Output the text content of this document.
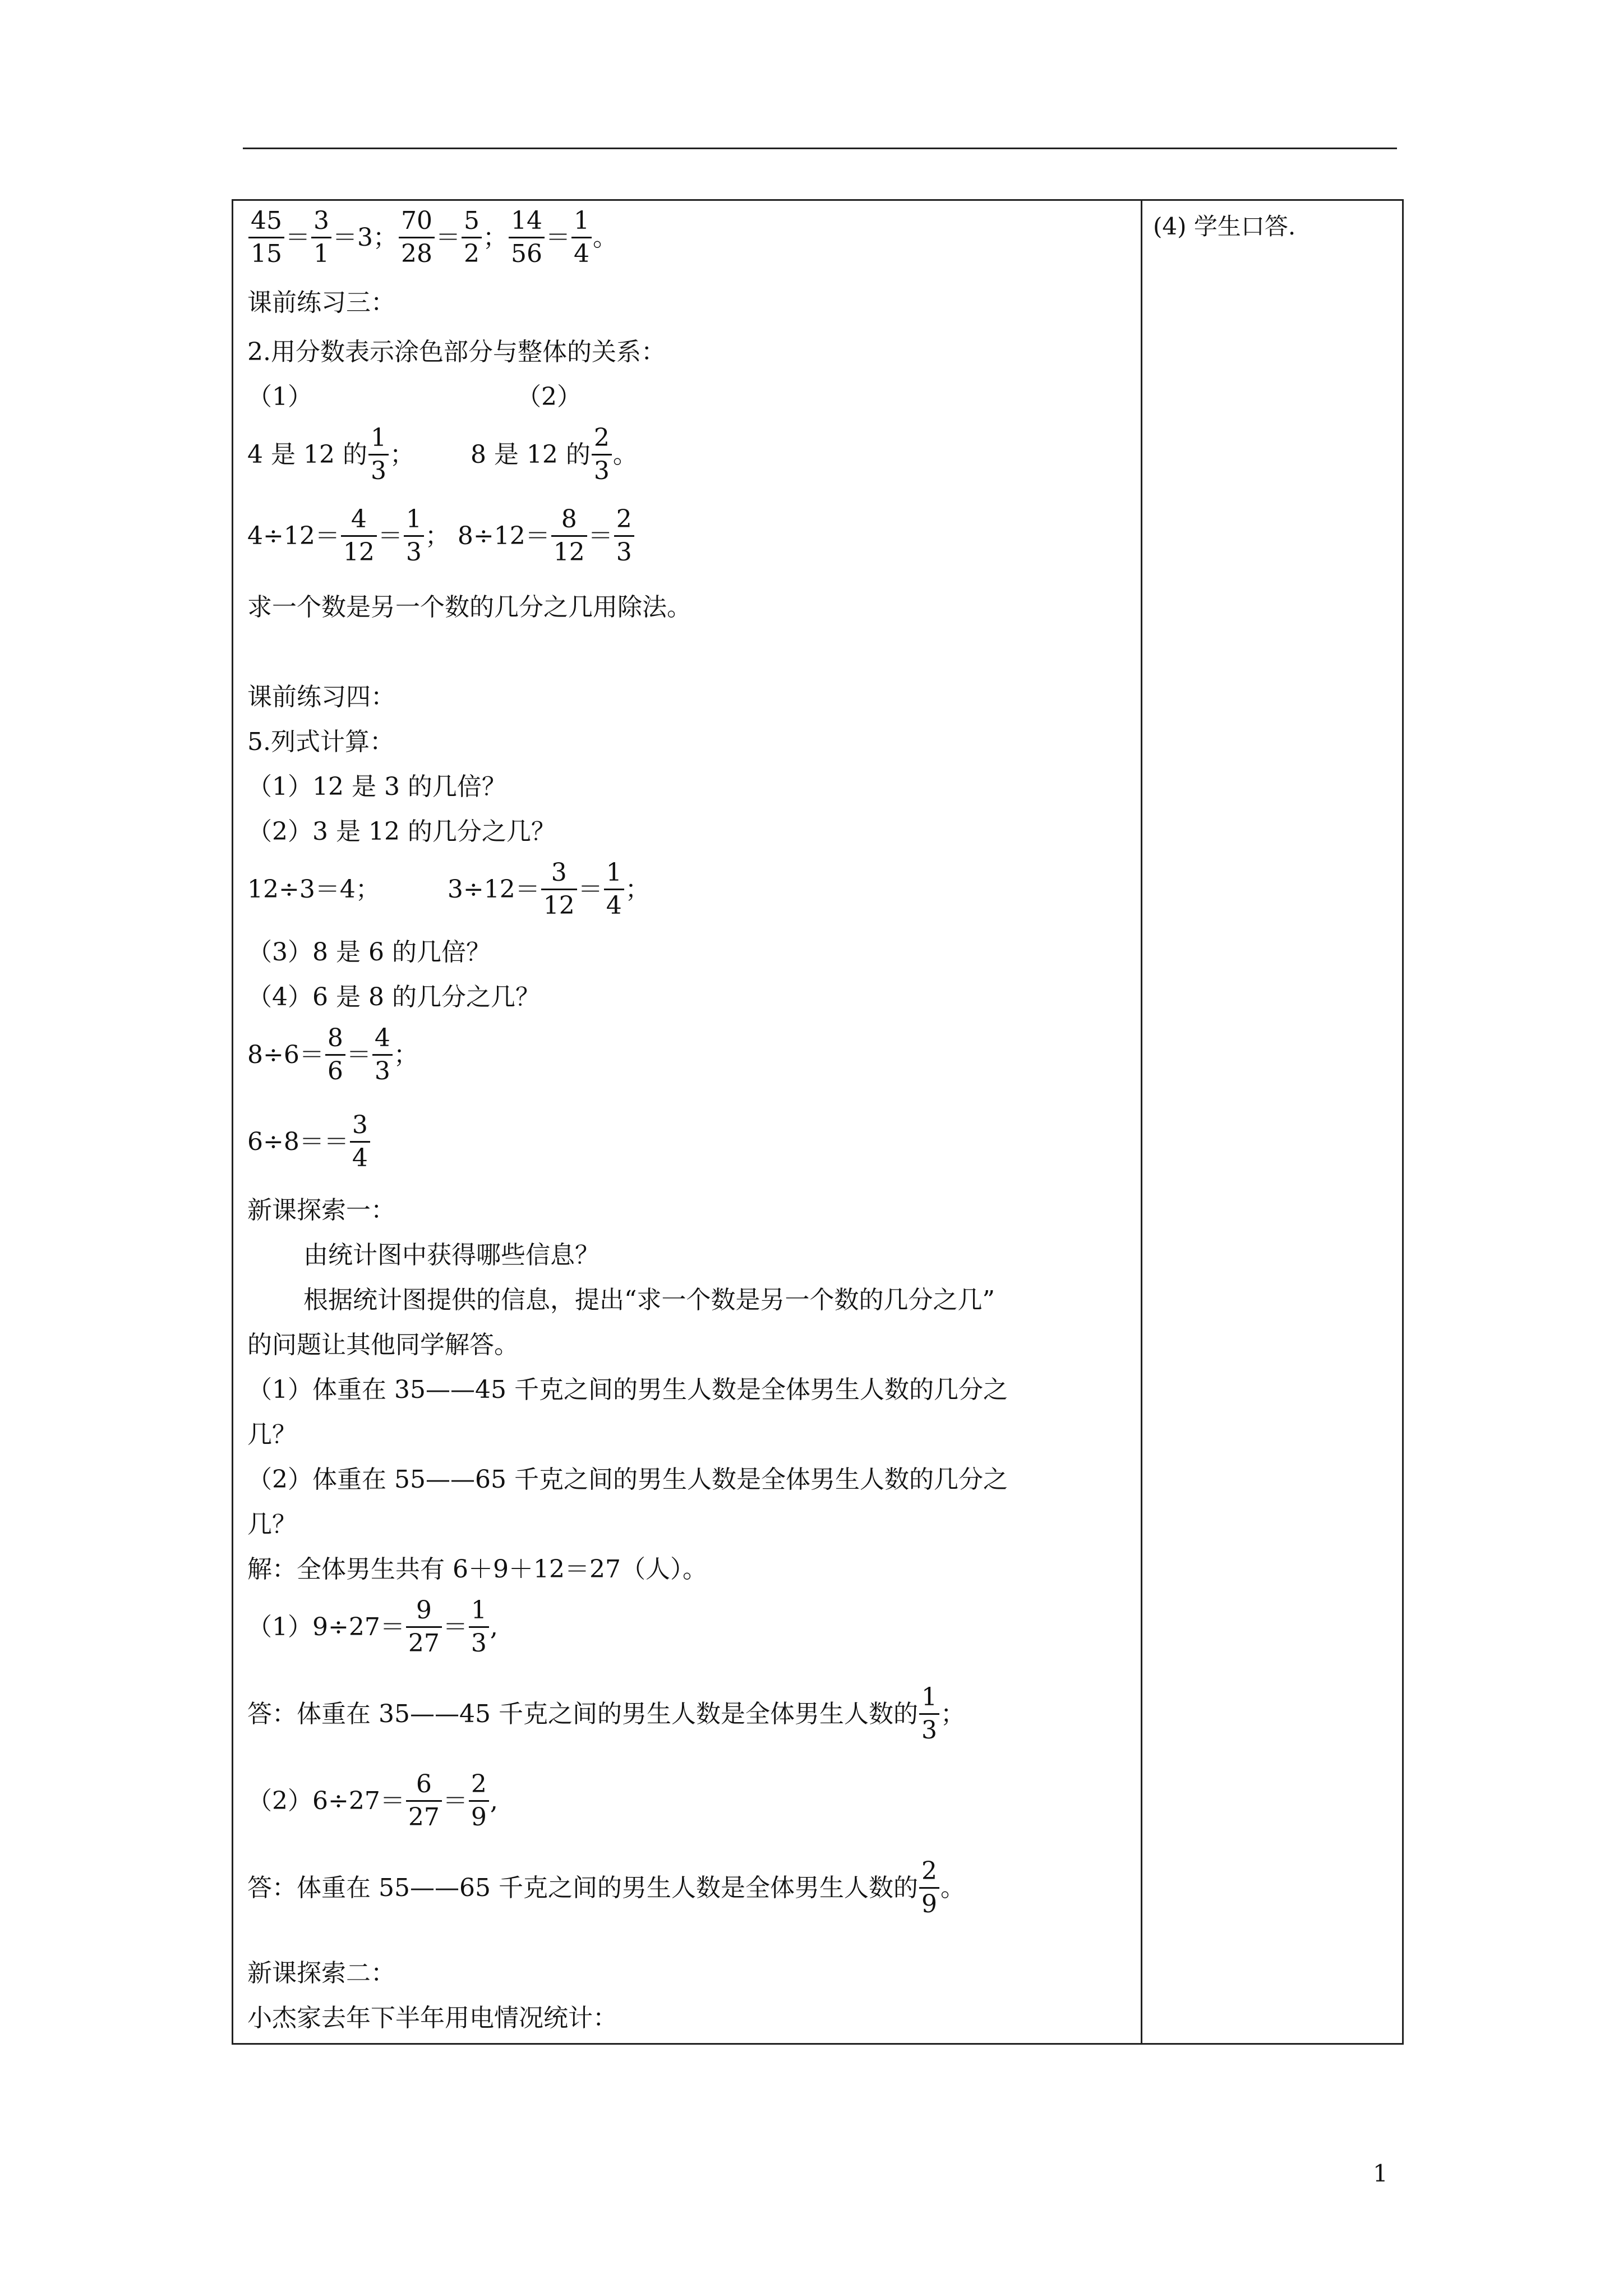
$\frac{45}{15} = \frac{3}{1} =3$； $\frac{70}{28} = \frac{5}{2}$ ； $\frac{14}{56} = \frac{1}{4}$ 。
课前练习三：
2.用分数表示涂色部分与整体的关系：
（1）	（2）
4 是 12 的 $\frac{1}{3}$ ； 8 是 12 的 $\frac{2}{3}$ 。
$4\div 12= \frac{4}{12} = \frac{1}{3}$ ； $8\div 12= \frac{8}{12} = \frac{2}{3}$
求一个数是另一个数的几分之几用除法。
课前练习四：
5.列式计算：
（1）12 是 3 的几倍？
（2）3 是 12 的几分之几？
12÷3＝4；	$3\div 12= \frac{3}{12} = \frac{1}{4}$ ；
（3）8 是 6 的几倍？
（4）6 是 8 的几分之几？
$8\div 6= \frac{8}{6} = \frac{4}{3}$ ；
$6\div 8== \frac{3}{4}$
新课探索一：
由统计图中获得哪些信息？
根据统计图提供的信息，提出“求一个数是另一个数的几分之几”
的问题让其他同学解答。
（1）体重在 35——45 千克之间的男生人数是全体男生人数的几分之
几？
（2）体重在 55——65 千克之间的男生人数是全体男生人数的几分之
几？
解：全体男生共有 6＋9＋12＝27（人）。
$(1)9\div 27= \frac{9}{27} = \frac{1}{3}$ ,
答：体重在 35——45 千克之间的男生人数是全体男生人数的 $\frac{1}{3}$ ；
$(2)6\div 27= \frac{6}{27} = \frac{2}{9}$ ,
答：体重在 55——65 千克之间的男生人数是全体男生人数的 $\frac{2}{9}$ 。
新课探索二：
小杰家去年下半年用电情况统计：
(4) 学生口答.
1
